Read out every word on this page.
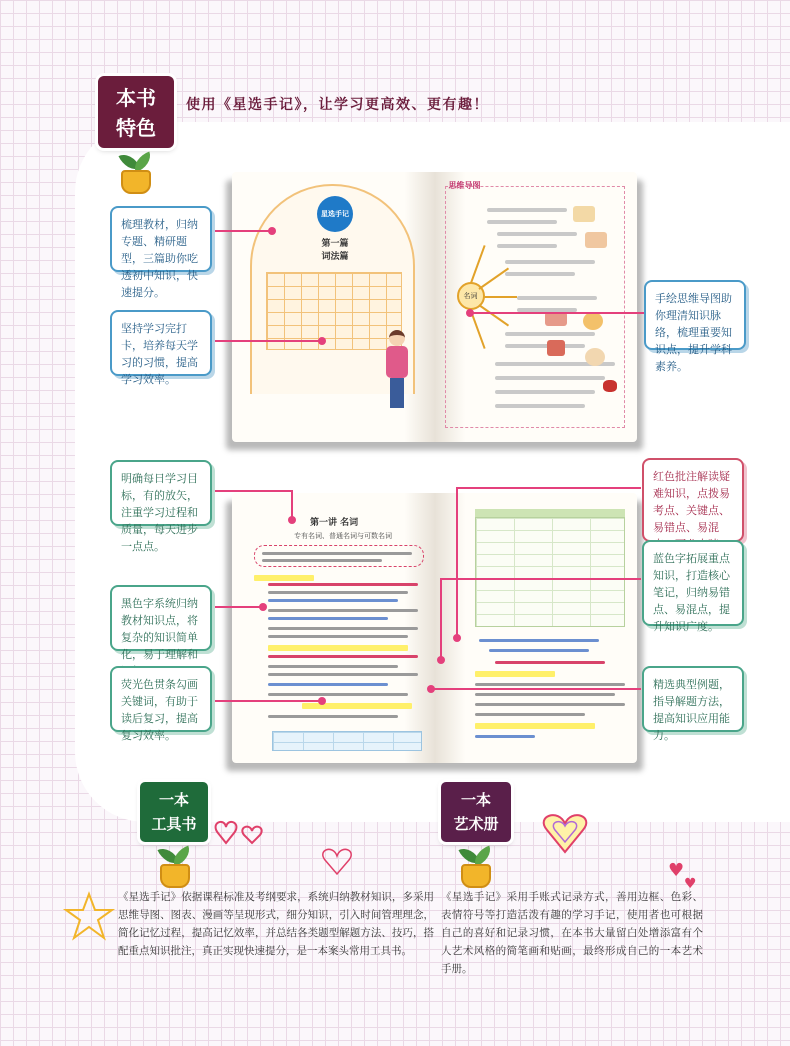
本书
特色
使用《星选手记》，让学习更高效、更有趣！
星选手记
第一篇
词法篇
思维导图
名词
第一讲 名词
专有名词、普通名词与可数名词
梳理教材，归纳专题、精研题型，三篇助你吃透初中知识，快速提分。
坚持学习完打卡，培养每天学习的习惯，提高学习效率。
手绘思维导图助你理清知识脉络，梳理重要知识点，提升学科素养。
明确每日学习目标，有的放矢，注重学习过程和质量，每天进步一点点。
黑色字系统归纳教材知识点，将复杂的知识简单化，易于理解和
荧光色贯条勾画关键词，有助于读后复习，提高复习效率。
红色批注解读疑难知识，点拨易考点、关键点、易错点、易混
蓝色字拓展重点知识，打造核心笔记，归纳易错点、易混点，提升知识广度。
精选典型例题，指导解题方法，提高知识应用能力。
一本
工具书
《星选手记》依据课程标准及考纲要求，系统归纳教材知识，多采用思维导图、图表、漫画等呈现形式，细分知识，引入时间管理理念，简化记忆过程，提高记忆效率，并总结各类题型解题方法、技巧，搭配重点知识批注，真正实现快速提分，是一本案头常用工具书。
一本
艺术册
《星选手记》采用手账式记录方式，善用边框、色彩、表情符号等打造活泼有趣的学习手记，使用者也可根据自己的喜好和记录习惯，在本书大量留白处增添富有个人艺术风格的简笔画和贴画，最终形成自己的一本艺术手册。
♥
♥
